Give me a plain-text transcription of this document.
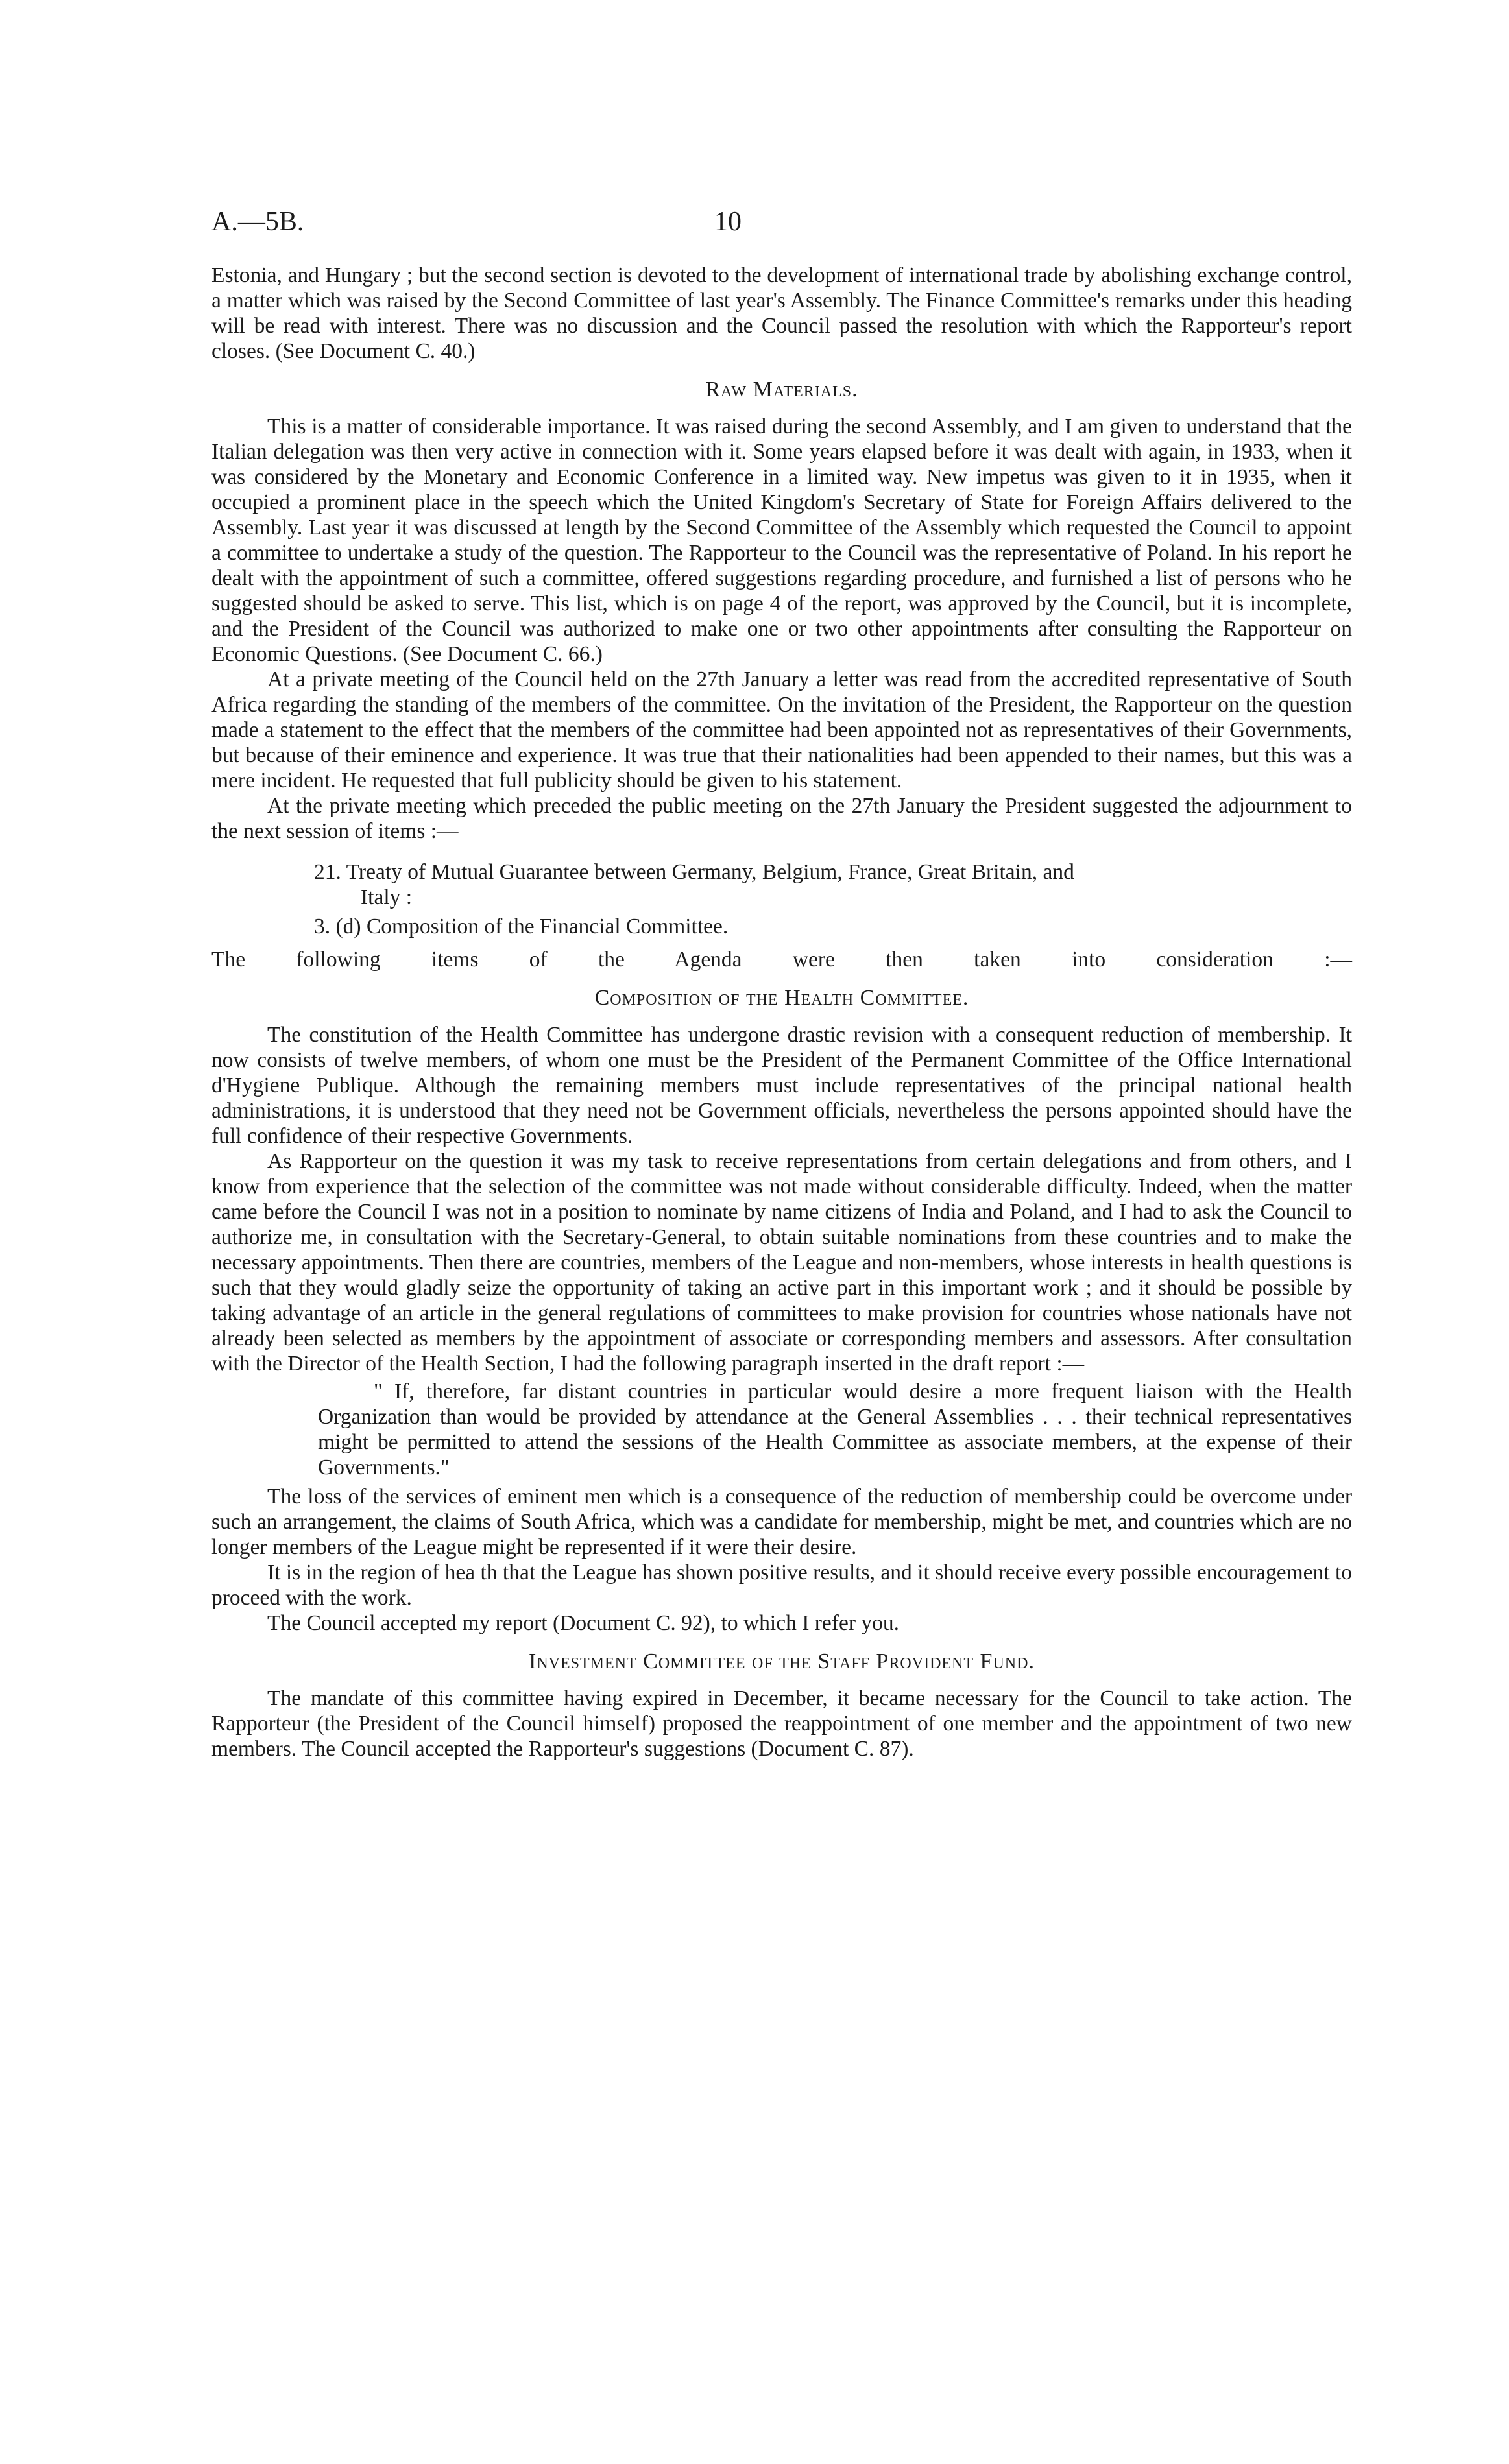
A.—5B.	10

Estonia, and Hungary ; but the second section is devoted to the development of international trade by abolishing exchange control, a matter which was raised by the Second Committee of last year's Assembly. The Finance Committee's remarks under this heading will be read with interest. There was no discussion and the Council passed the resolution with which the Rapporteur's report closes. (See Document C. 40.)

Raw Materials.

This is a matter of considerable importance. It was raised during the second Assembly, and I am given to understand that the Italian delegation was then very active in connection with it. Some years elapsed before it was dealt with again, in 1933, when it was considered by the Monetary and Economic Conference in a limited way. New impetus was given to it in 1935, when it occupied a prominent place in the speech which the United Kingdom's Secretary of State for Foreign Affairs delivered to the Assembly. Last year it was discussed at length by the Second Committee of the Assembly which requested the Council to appoint a committee to undertake a study of the question. The Rapporteur to the Council was the representative of Poland. In his report he dealt with the appointment of such a committee, offered suggestions regarding procedure, and furnished a list of persons who he suggested should be asked to serve. This list, which is on page 4 of the report, was approved by the Council, but it is incomplete, and the President of the Council was authorized to make one or two other appointments after consulting the Rapporteur on Economic Questions. (See Document C. 66.)

At a private meeting of the Council held on the 27th January a letter was read from the accredited representative of South Africa regarding the standing of the members of the committee. On the invitation of the President, the Rapporteur on the question made a statement to the effect that the members of the committee had been appointed not as representatives of their Governments, but because of their eminence and experience. It was true that their nationalities had been appended to their names, but this was a mere incident. He requested that full publicity should be given to his statement.

At the private meeting which preceded the public meeting on the 27th January the President suggested the adjournment to the next session of items :—

21. Treaty of Mutual Guarantee between Germany, Belgium, France, Great Britain, and
Italy :
3. (d) Composition of the Financial Committee.

The following items of the Agenda were then taken into consideration :—

Composition of the Health Committee.

The constitution of the Health Committee has undergone drastic revision with a consequent reduction of membership. It now consists of twelve members, of whom one must be the President of the Permanent Committee of the Office International d'Hygiene Publique. Although the remaining members must include representatives of the principal national health administrations, it is understood that they need not be Government officials, nevertheless the persons appointed should have the full confidence of their respective Governments.

As Rapporteur on the question it was my task to receive representations from certain delegations and from others, and I know from experience that the selection of the committee was not made without considerable difficulty. Indeed, when the matter came before the Council I was not in a position to nominate by name citizens of India and Poland, and I had to ask the Council to authorize me, in consultation with the Secretary-General, to obtain suitable nominations from these countries and to make the necessary appointments. Then there are countries, members of the League and non-members, whose interests in health questions is such that they would gladly seize the opportunity of taking an active part in this important work ; and it should be possible by taking advantage of an article in the general regulations of committees to make provision for countries whose nationals have not already been selected as members by the appointment of associate or corresponding members and assessors. After consultation with the Director of the Health Section, I had the following paragraph inserted in the draft report :—

" If, therefore, far distant countries in particular would desire a more frequent liaison with the Health Organization than would be provided by attendance at the General Assemblies . . . their technical representatives might be permitted to attend the sessions of the Health Committee as associate members, at the expense of their Governments."

The loss of the services of eminent men which is a consequence of the reduction of membership could be overcome under such an arrangement, the claims of South Africa, which was a candidate for membership, might be met, and countries which are no longer members of the League might be represented if it were their desire.

It is in the region of hea th that the League has shown positive results, and it should receive every possible encouragement to proceed with the work.

The Council accepted my report (Document C. 92), to which I refer you.

Investment Committee of the Staff Provident Fund.

The mandate of this committee having expired in December, it became necessary for the Council to take action. The Rapporteur (the President of the Council himself) proposed the reappointment of one member and the appointment of two new members. The Council accepted the Rapporteur's suggestions (Document C. 87).
